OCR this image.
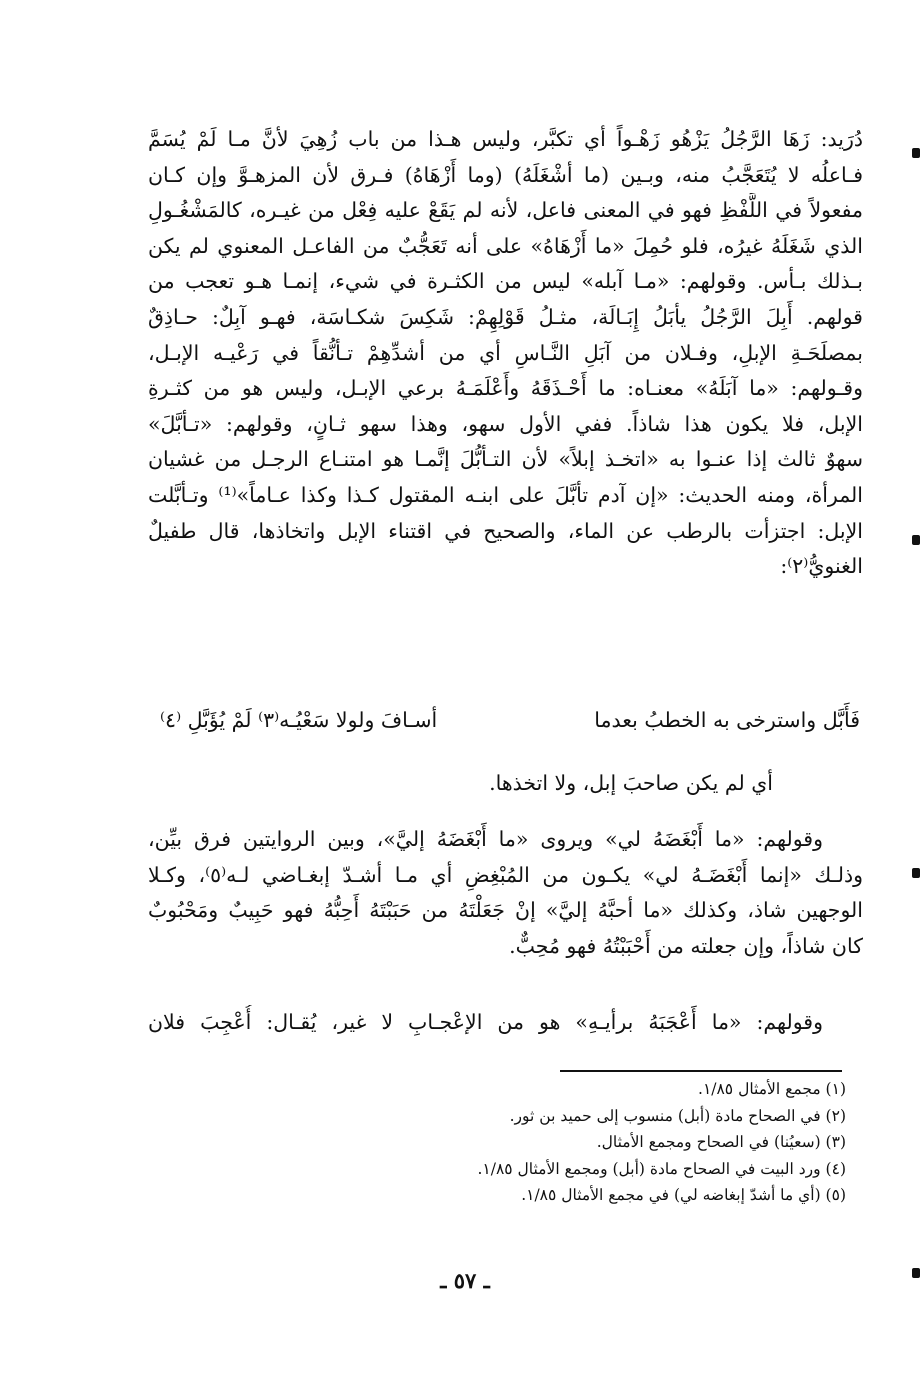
دُرَيد: زَهَا الرَّجُلُ يَزْهُو زَهْـواً أي تكبَّر، وليس هـذا من باب زُهِيَ لأنَّ مـا لَمْ يُسَمَّ
فـاعلُه لا يُتَعَجَّبُ منه، وبـين (ما أشْغَلَهُ) (وما أَزْهَاهُ) فـرق لأن المزهـوَّ وإن كـان
مفعولاً في اللَّفْظِ فهو في المعنى فاعل، لأنه لم يَقَعْ عليه فِعْل من غيـره، كالمَشْغُـولِ
الذي شَغَلَهُ غيرُه، فلو حُمِلَ «ما أَزْهَاهُ» على أنه تَعَجُّبٌ من الفاعـل المعنوي لم يكن
بـذلك بـأس. وقولهم: «مـا آبله» ليس من الكثـرة في شيء، إنمـا هـو تعجب من
قولهم. أَبِلَ الرَّجُلُ يأبَلُ إِبَـالَة، مثـلُ قَوْلِهِمْ: شَكِسَ شكـاسَة، فهـو آبِلٌ: حـاذِقٌ
بمصلَحَـةِ الإبلِ، وفـلان من آبَلِ النَّـاسِ أي من أشدِّهِمْ تـأنُّقاً في رَعْيـه الإبـل،
وقـولهم: «ما آبَلَهُ» معنـاه: ما أَحْـذَقَهُ وأَعْلَمَـهُ برعي الإبـل، وليس هو من كثـرةِ
الإبل، فلا يكون هذا شاذاً. ففي الأول سهو، وهذا سهو ثـانٍ، وقولهم: «تـأبَّلَ»
سهوٌ ثالث إذا عنـوا به «اتخـذ إبلاً» لأن التـأبُّلَ إنَّمـا هو امتنـاع الرجـل من غشيان
المرأة، ومنه الحديث: «إن آدم تأبَّلَ على ابنـه المقتول كـذا وكذا عـاماً»⁽¹⁾ وتـأبَّلت
الإبل: اجتزأت بالرطب عن الماء، والصحيح في اقتناء الإبل واتخاذها، قال طفيلٌ
الغنويُّ⁽٢⁾:
فَأَبَّل واسترخى به الخطبُ بعدما
أسـافَ ولولا سَعْيُـه⁽٣⁾ لَمْ يُؤَبَّلِ ⁽٤⁾
أي لم يكن صاحبَ إبل، ولا اتخذها.
وقولهم: «ما أَبْغَضَهُ لي» ويروى «ما أَبْغَضَهُ إليَّ»، وبين الروايتين فرق بيِّن،
وذلـك «إنما أَبْغَضَـهُ لي» يكـون من المُبْغِضِ أي مـا أشـدّ إبغـاضي لـه⁽٥⁾، وكـلا
الوجهين شاذ، وكذلك «ما أحبَّهُ إليَّ» إنْ جَعَلْتَهُ من حَبَبْتَهُ أَحِبُّهُ فهو حَبِيبٌ ومَحْبُوبٌ
كان شاذاً، وإن جعلته من أَحْبَبْتُهُ فهو مُحِبٌّ.
وقولهم: «ما أَعْجَبَهُ برأيـهِ» هو من الإعْجـابِ لا غير، يُقـال: أُعْجِبَ فلان
(١) مجمع الأمثال ١/٨٥.
(٢) في الصحاح مادة (أبل) منسوب إلى حميد بن ثور.
(٣) (سعيُنا) في الصحاح ومجمع الأمثال.
(٤) ورد البيت في الصحاح مادة (أبل) ومجمع الأمثال ١/٨٥.
(٥) (أي ما أشدّ إبغاضه لي) في مجمع الأمثال ١/٨٥.
ـ ٥٧ ـ
